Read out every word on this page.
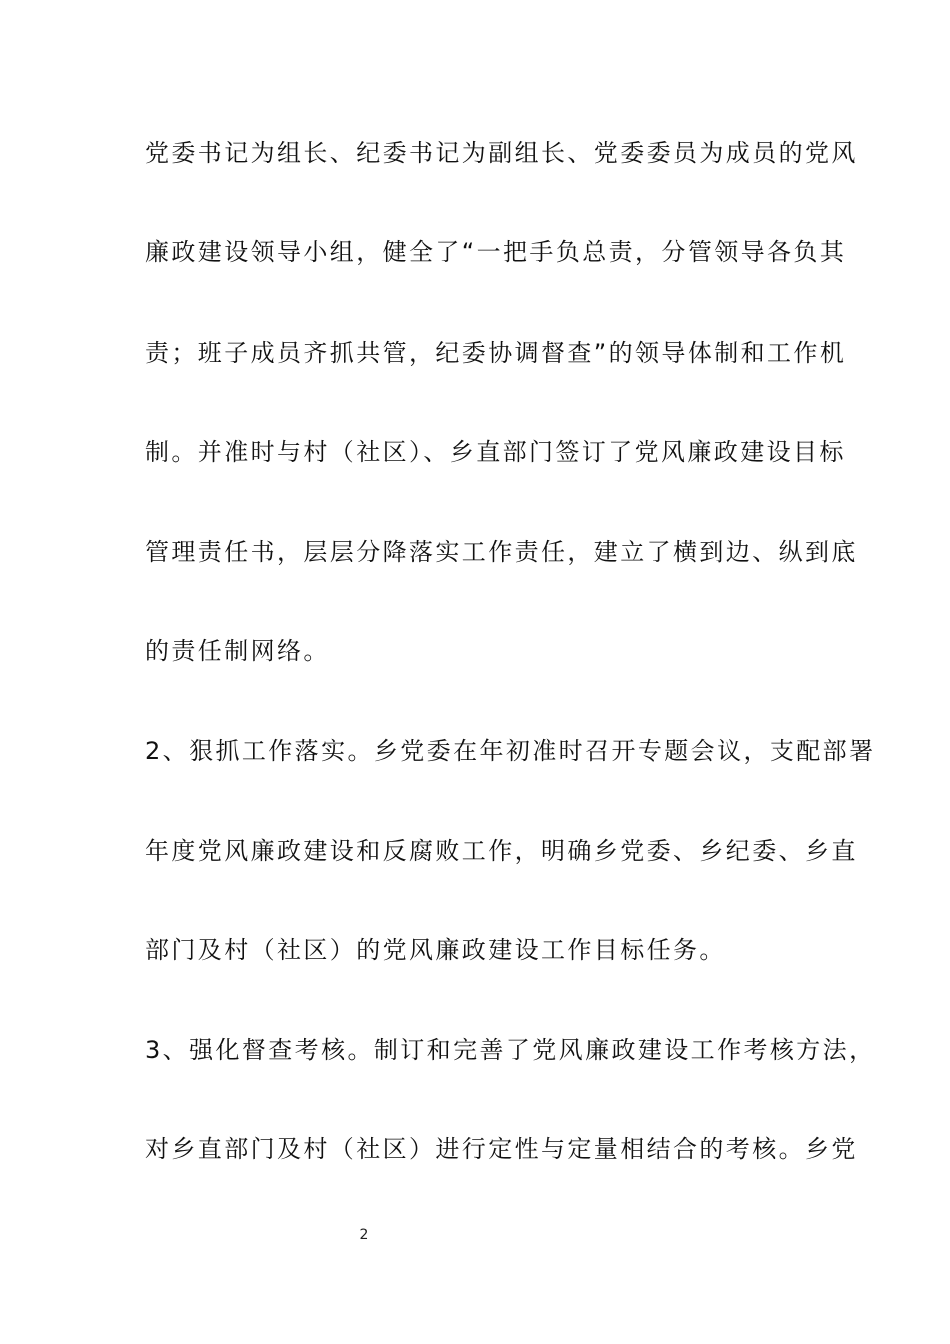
党委书记为组长、纪委书记为副组长、党委委员为成员的党风
廉政建设领导小组，健全了“一把手负总责，分管领导各负其
责；班子成员齐抓共管，纪委协调督查”的领导体制和工作机
制。并准时与村（社区）、乡直部门签订了党风廉政建设目标
管理责任书，层层分降落实工作责任，建立了横到边、纵到底
的责任制网络。
2、狠抓工作落实。乡党委在年初准时召开专题会议，支配部署
年度党风廉政建设和反腐败工作，明确乡党委、乡纪委、乡直
部门及村（社区）的党风廉政建设工作目标任务。
3、强化督查考核。制订和完善了党风廉政建设工作考核方法，
对乡直部门及村（社区）进行定性与定量相结合的考核。乡党
2
